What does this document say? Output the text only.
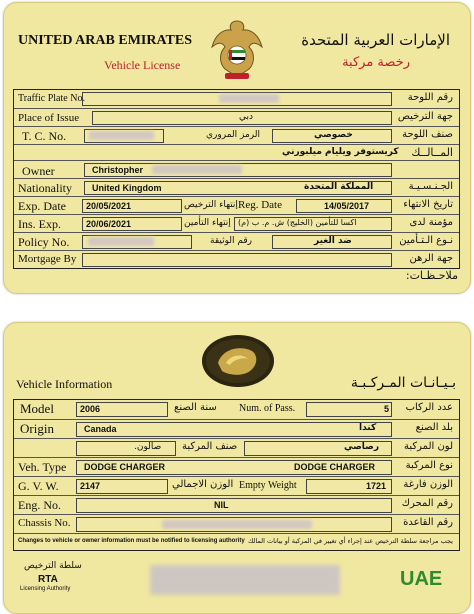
UNITED ARAB EMIRATES
Vehicle License
الإمارات العربية المتحدة
رخصة مركبة
Traffic Plate No.	رقم اللوحة
Place of Issue	دبي	جهة الترخيص
T. C. No.	الرمز المروري	خصوصي	صنف اللوحة
كريستوفر ويليام ميلبورني المــالــك
Owner	Christopher
Nationality United Kingdom	المملكة المتحدة	الجـنـسـيـة
Exp. Date 20/05/2021	إنتهاء الترخيص Reg. Date	14/05/2017	تاريخ الانتهاء
Ins. Exp.	20/06/2021	إنتهاء التأمين اكسا للتأمين (الخليج) ش. م. ب (م)	مؤمنة لدى
Policy No.	رقم الوثيقة	ضد الغير	نـوع الـتـأمين
Mortgage By	جهة الرهن
ملاحـظـات:
Vehicle Information	بـيـانـات المـركـبـة
Model	2006	سنة الصنع Num. of Pass.	5 عدد الركاب
Origin	Canada	كندا	بلد الصنع
صالون. صنف المركبة	رصاصي لون المركبة
Veh. Type DODGE CHARGER	DODGE CHARGER	نوع المركبة
G. V. W. 2147	الوزن الاجمالي Empty Weight	1721 الوزن فارغة
Eng. No.	NIL	رقم المحرك
Chassis No.	رقم القاعدة
Changes to vehicle or owner information must be notified to licensing authority يجب مراجعة سلطة الترخيص عند إجراء أي تغيير في المركبة أو بيانات المالك
سلطة الترخيص
RTA
Licensing Authority	UAE
